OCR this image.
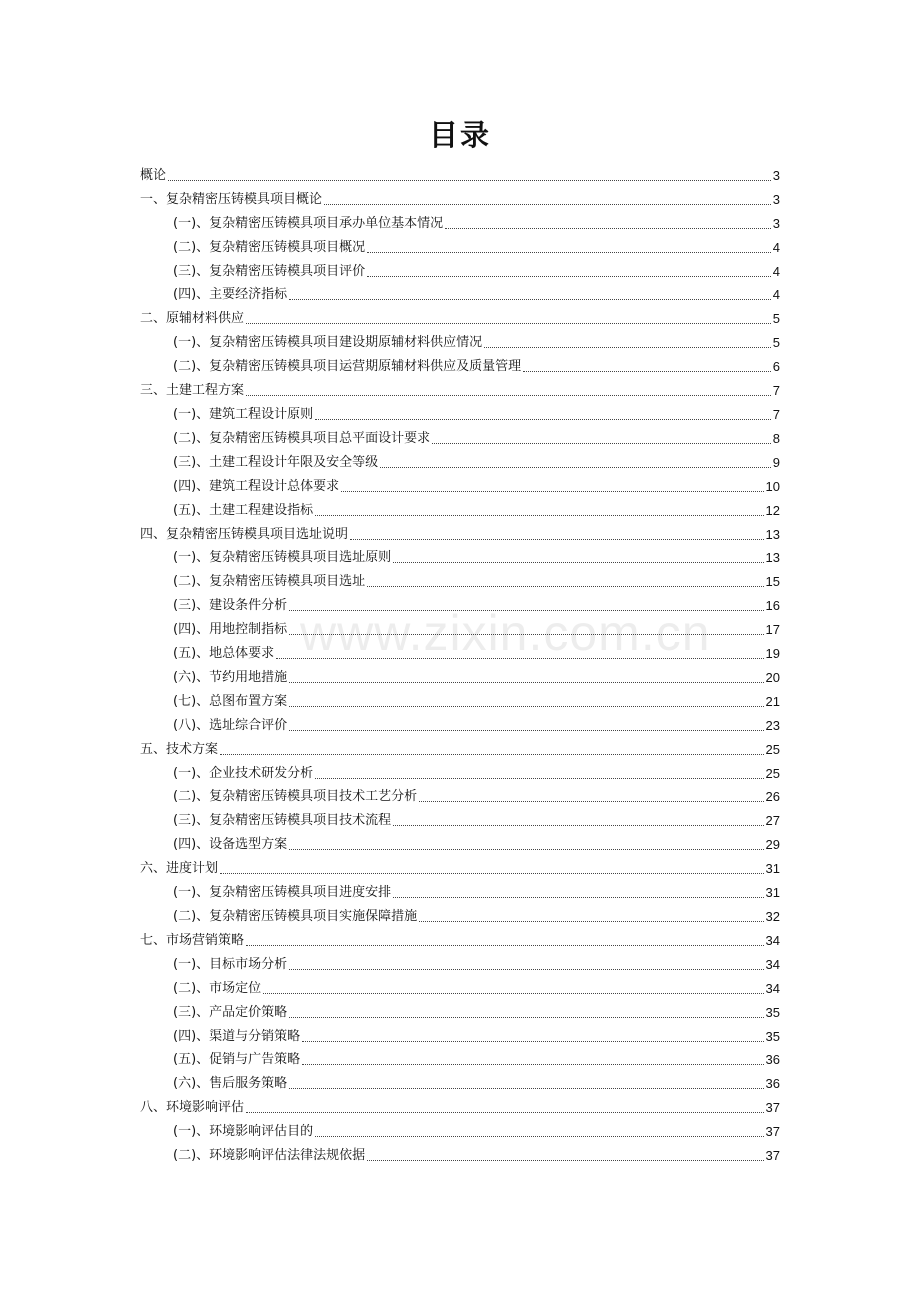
目录
www.zixin.com.cn
概论	3
一、复杂精密压铸模具项目概论	3
(一)、复杂精密压铸模具项目承办单位基本情况	3
(二)、复杂精密压铸模具项目概况	4
(三)、复杂精密压铸模具项目评价	4
(四)、主要经济指标	4
二、原辅材料供应	5
(一)、复杂精密压铸模具项目建设期原辅材料供应情况	5
(二)、复杂精密压铸模具项目运营期原辅材料供应及质量管理	6
三、土建工程方案	7
(一)、建筑工程设计原则	7
(二)、复杂精密压铸模具项目总平面设计要求	8
(三)、土建工程设计年限及安全等级	9
(四)、建筑工程设计总体要求	10
(五)、土建工程建设指标	12
四、复杂精密压铸模具项目选址说明	13
(一)、复杂精密压铸模具项目选址原则	13
(二)、复杂精密压铸模具项目选址	15
(三)、建设条件分析	16
(四)、用地控制指标	17
(五)、地总体要求	19
(六)、节约用地措施	20
(七)、总图布置方案	21
(八)、选址综合评价	23
五、技术方案	25
(一)、企业技术研发分析	25
(二)、复杂精密压铸模具项目技术工艺分析	26
(三)、复杂精密压铸模具项目技术流程	27
(四)、设备选型方案	29
六、进度计划	31
(一)、复杂精密压铸模具项目进度安排	31
(二)、复杂精密压铸模具项目实施保障措施	32
七、市场营销策略	34
(一)、目标市场分析	34
(二)、市场定位	34
(三)、产品定价策略	35
(四)、渠道与分销策略	35
(五)、促销与广告策略	36
(六)、售后服务策略	36
八、环境影响评估	37
(一)、环境影响评估目的	37
(二)、环境影响评估法律法规依据	37
